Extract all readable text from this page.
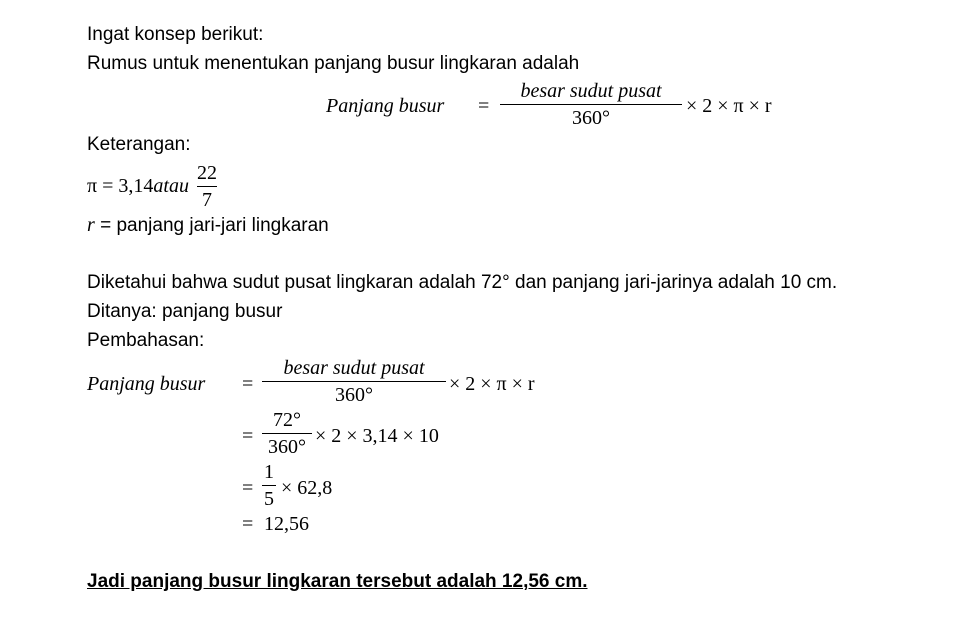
Ingat konsep berikut:
Rumus untuk menentukan panjang busur lingkaran adalah
Panjang busur =
besar sudut pusat
360°
× 2 × π × r
Keterangan:
π = 3,14 atau
22
7
r = panjang jari-jari lingkaran
Diketahui bahwa sudut pusat lingkaran adalah 72° dan panjang jari-jarinya adalah 10 cm.
Ditanya: panjang busur
Pembahasan:
Panjang busur =
besar sudut pusat
360°	× 2 × π × r
=
72°
360° × 2 × 3,14 × 10
=
1
5 × 62,8
= 12,56
Jadi panjang busur lingkaran tersebut adalah 12,56 cm.
